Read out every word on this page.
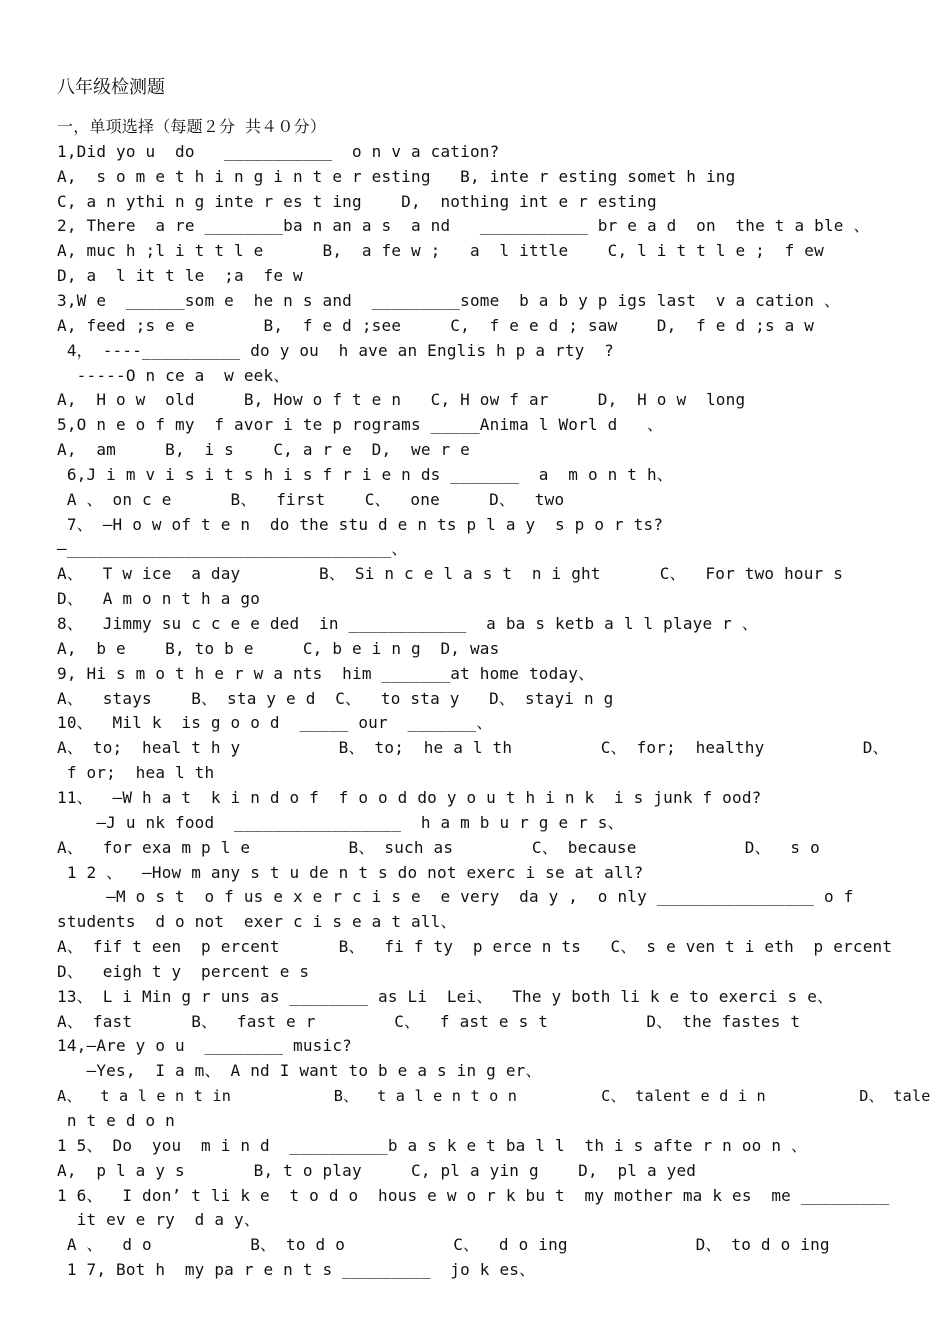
八年级检测题
一，单项选择（每题２分 共４０分）
1,Did yo u  do   ___________  o n v a cation?
A,  s o m e t h i n g i n t e r esting   B, inte r esting somet h ing
C, a n ythi n g inte r es t ing    D,  nothing int e r esting
2, There  a re ________ba n an a s  a nd   ___________ br e a d  on  the t a ble 、
A, muc h ;l i t t l e      B,  a fe w ;   a  l ittle    C, l i t t l e ;  f ew
D, a  l it t le  ;a  fe w
3,W e  ______som e  he n s and  _________some  b a b y p igs last  v a cation 、
A, feed ;s e e       B,  f e d ;see     C,  f e e d ; saw    D,  f e d ;s a w
4， ----__________ do y ou  h ave an Englis h p a rty  ?
-----O n ce a  w eek、
A,  H o w  old     B, How o f t e n   C, H ow f ar     D,  H o w  long
5,O n e o f my  f avor i te p rograms _____Anima l Worl d   、
A,  am     B,  i s    C, a r e  D,  we r e
6,J i m v i s i t s h i s f r i e n ds _______  a  m o n t h、
A 、 on c e      B、  first    C、  one     D、  two
7、 —H o w of t e n  do the stu d e n ts p l a y  s p o r ts?
—_________________________________、
A、  T w ice  a day        B、 Si n c e l a s t  n i ght      C、  For two hour s
D、  A m o n t h a go
8、  Jimmy su c c e e ded  in ____________  a ba s ketb a l l playe r 、
A,  b e    B, to b e     C, b e i n g  D, was
9, Hi s m o t h e r w a nts  him _______at home today、
A、  stays    B、 sta y e d  C、  to sta y   D、 stayi n g
10、  Mil k  is g o o d  _____ our  _______、
A、 to;  heal t h y          B、 to;  he a l th         C、 for;  healthy          D、
f or;  hea l th
11、  —W h a t  k i n d o f  f o o d do y o u t h i n k  i s junk f ood?
—J u nk food  _________________  h a m b u r g e r s、
A、  for exa m p l e          B、 such as        C、 because           D、  s o
1 2 、  —How m any s t u de n t s do not exerc i se at all?
—M o s t  o f us e x e r c i s e  e very  da y ,  o nly ________________ o f
students  d o not  exer c i s e a t all、
A、 fif t een  p ercent      B、  fi f ty  p erce n ts   C、 s e ven t i eth  p ercent
D、  eigh t y  percent e s
13、 L i Min g r uns as ________ as Li  Lei、  The y both li k e to exerci s e、
A、 fast      B、  fast e r        C、  f ast e s t          D、 the fastes t
14,—Are y o u  ________ music?
—Yes,  I a m、 A nd I want to b e a s in g er、
A、  t a l e n t in           B、  t a l e n t o n         C、 talent e d i n          D、 tale
n t e d o n
1 5、 Do  you  m i n d  __________b a s k e t ba l l  th i s afte r n oo n 、
A,  p l a y s       B, t o play     C, pl a yin g    D,  pl a yed
1 6、  I don’ t li k e  t o d o  hous e w o r k bu t  my mother ma k es  me _________
it ev e ry  d a y、
A 、  d o          B、 to d o           C、  d o ing             D、 to d o ing
1 7, Bot h  my pa r e n t s _________  jo k es、
